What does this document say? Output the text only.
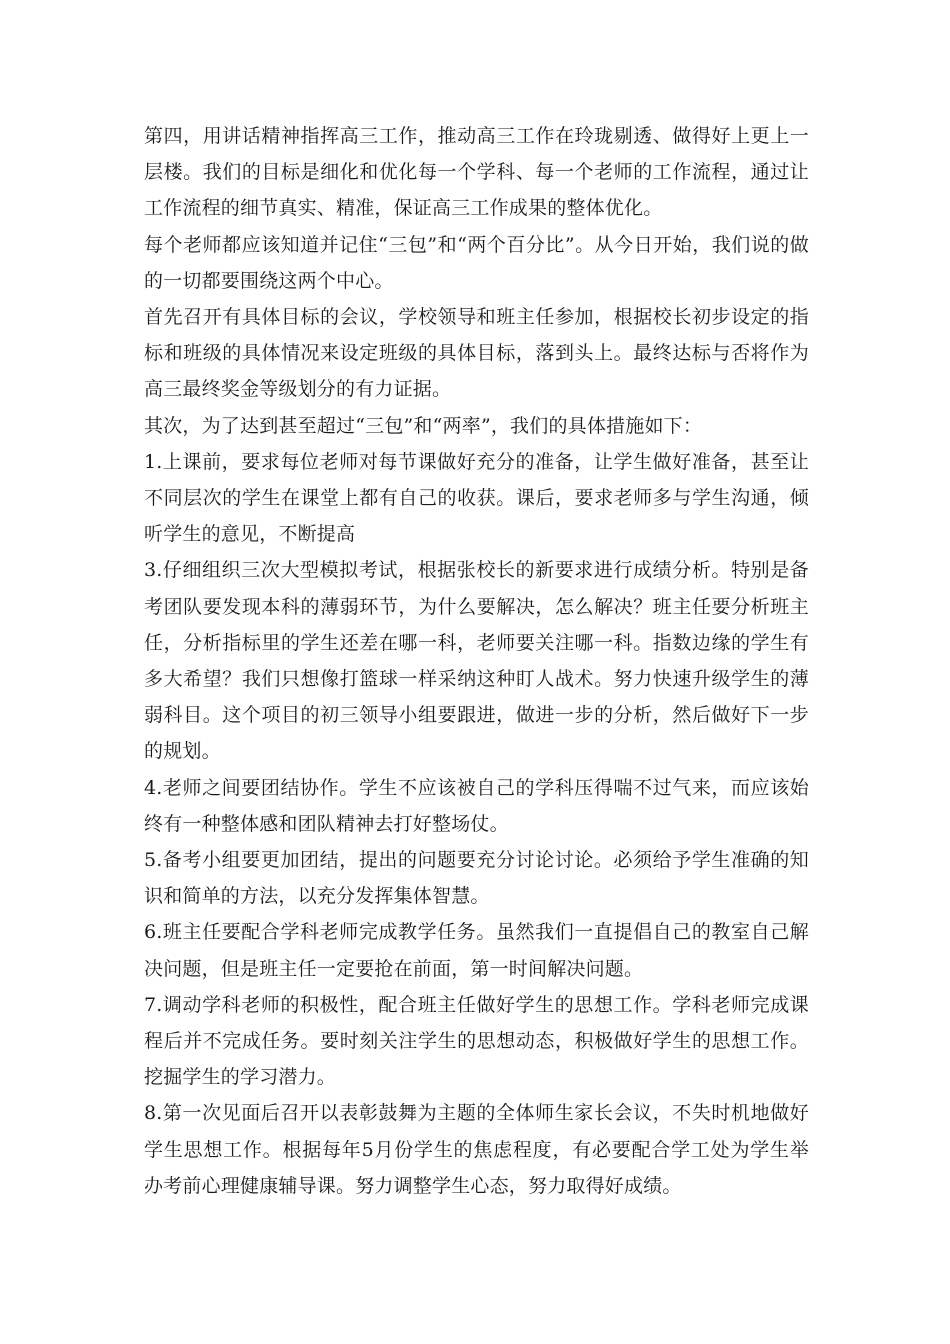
第四，用讲话精神指挥高三工作，推动高三工作在玲珑剔透、做得好上更上一层楼。我们的目标是细化和优化每一个学科、每一个老师的工作流程，通过让工作流程的细节真实、精准，保证高三工作成果的整体优化。

每个老师都应该知道并记住“三包”和“两个百分比”。从今日开始，我们说的做的一切都要围绕这两个中心。

首先召开有具体目标的会议，学校领导和班主任参加，根据校长初步设定的指标和班级的具体情况来设定班级的具体目标，落到头上。最终达标与否将作为高三最终奖金等级划分的有力证据。

其次，为了达到甚至超过“三包”和“两率”，我们的具体措施如下：

1.上课前，要求每位老师对每节课做好充分的准备，让学生做好准备，甚至让不同层次的学生在课堂上都有自己的收获。课后，要求老师多与学生沟通，倾听学生的意见，不断提高

3.仔细组织三次大型模拟考试，根据张校长的新要求进行成绩分析。特别是备考团队要发现本科的薄弱环节，为什么要解决，怎么解决？班主任要分析班主任，分析指标里的学生还差在哪一科，老师要关注哪一科。指数边缘的学生有多大希望？我们只想像打篮球一样采纳这种盯人战术。努力快速升级学生的薄弱科目。这个项目的初三领导小组要跟进，做进一步的分析，然后做好下一步的规划。

4.老师之间要团结协作。学生不应该被自己的学科压得喘不过气来，而应该始终有一种整体感和团队精神去打好整场仗。

5.备考小组要更加团结，提出的问题要充分讨论讨论。必须给予学生准确的知识和简单的方法，以充分发挥集体智慧。

6.班主任要配合学科老师完成教学任务。虽然我们一直提倡自己的教室自己解决问题，但是班主任一定要抢在前面，第一时间解决问题。

7.调动学科老师的积极性，配合班主任做好学生的思想工作。学科老师完成课程后并不完成任务。要时刻关注学生的思想动态，积极做好学生的思想工作。挖掘学生的学习潜力。

8.第一次见面后召开以表彰鼓舞为主题的全体师生家长会议，不失时机地做好学生思想工作。根据每年5月份学生的焦虑程度，有必要配合学工处为学生举办考前心理健康辅导课。努力调整学生心态，努力取得好成绩。
